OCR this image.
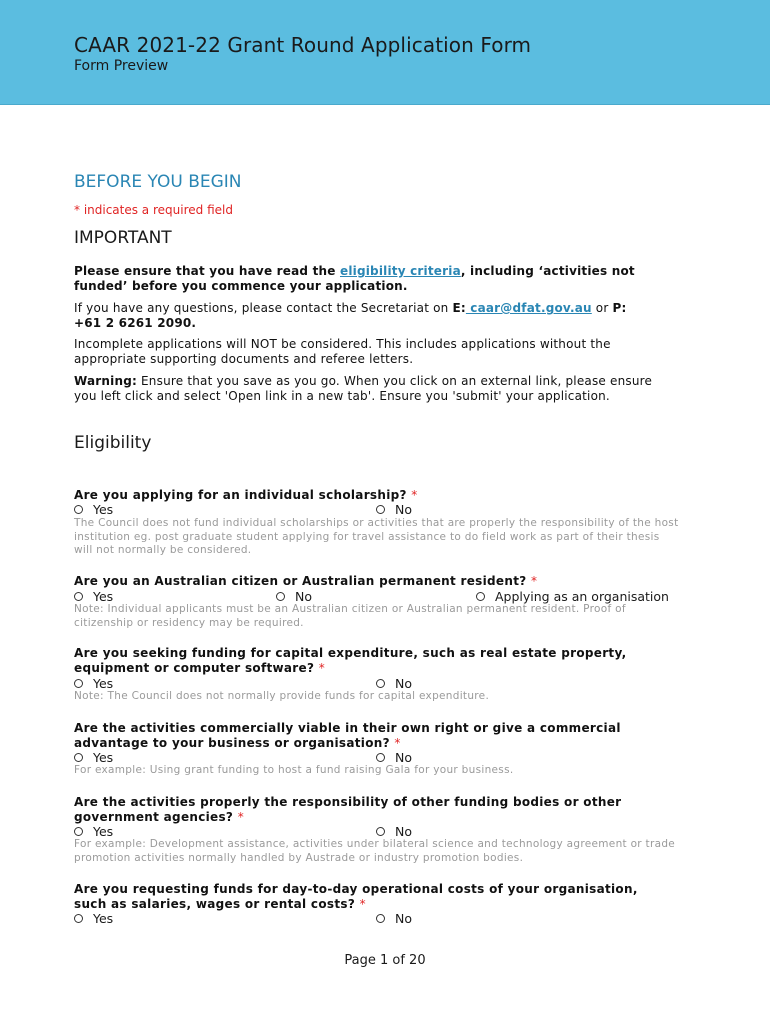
CAAR 2021-22 Grant Round Application Form
Form Preview
BEFORE YOU BEGIN
* indicates a required field
IMPORTANT
Please ensure that you have read the eligibility criteria, including ‘activities not funded’ before you commence your application.
If you have any questions, please contact the Secretariat on E: caar@dfat.gov.au or P:
+61 2 6261 2090.
Incomplete applications will NOT be considered. This includes applications without the appropriate supporting documents and referee letters.
Warning: Ensure that you save as you go. When you click on an external link, please ensure you left click and select 'Open link in a new tab'. Ensure you 'submit' your application.
Eligibility
Are you applying for an individual scholarship? *
Yes	No
The Council does not fund individual scholarships or activities that are properly the responsibility of the host institution eg. post graduate student applying for travel assistance to do field work as part of their thesis will not normally be considered.
Are you an Australian citizen or Australian permanent resident? *
Yes	No	Applying as an organisation
Note: Individual applicants must be an Australian citizen or Australian permanent resident. Proof of citizenship or residency may be required.
Are you seeking funding for capital expenditure, such as real estate property, equipment or computer software? *
Yes	No
Note: The Council does not normally provide funds for capital expenditure.
Are the activities commercially viable in their own right or give a commercial advantage to your business or organisation? *
Yes	No
For example: Using grant funding to host a fund raising Gala for your business.
Are the activities properly the responsibility of other funding bodies or other government agencies? *
Yes	No
For example: Development assistance, activities under bilateral science and technology agreement or trade promotion activities normally handled by Austrade or industry promotion bodies.
Are you requesting funds for day-to-day operational costs of your organisation, such as salaries, wages or rental costs? *
Yes	No
Page 1 of 20
